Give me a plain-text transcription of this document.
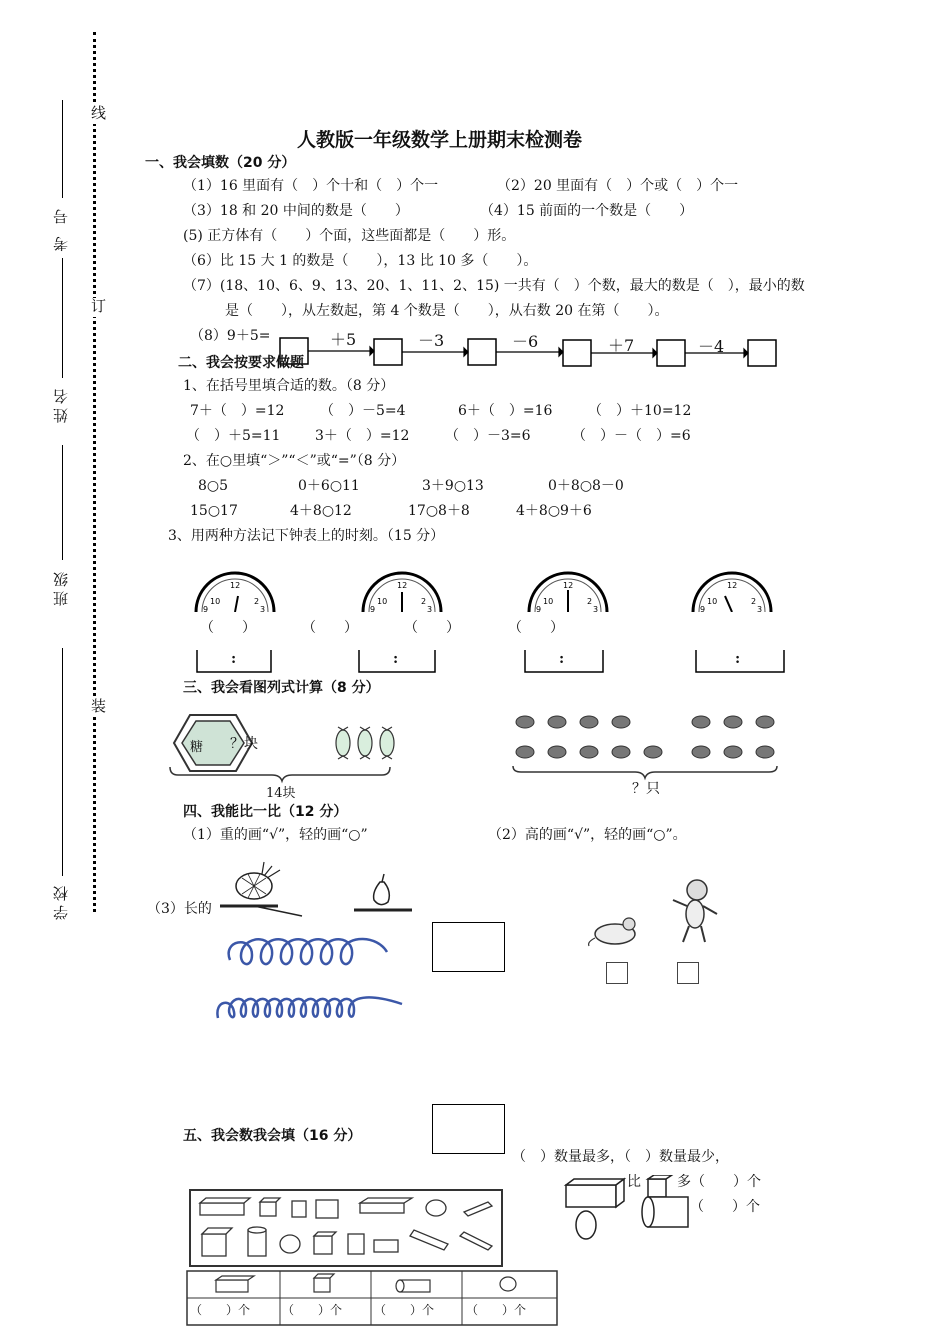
线
订
装
考 号
姓名
班级
学校
人教版一年级数学上册期末检测卷
一、我会填数（20 分）
（1）16 里面有（　）个十和（　）个一	（2）20 里面有（　）个或（　）个一
（3）18 和 20 中间的数是（　　）	（4）15 前面的一个数是（　　）
(5) 正方体有（　　）个面，这些面都是（　　）形。
（6）比 15 大 1 的数是（　　），13 比 10 多（　　）。
（7）(18、10、6、9、13、20、1、11、2、15) 一共有（　）个数，最大的数是（　），最小的数
是（　　），从左数起，第 4 个数是（　　），从右数 20 在第（　　）。
（8）9＋5=	＋5	－3	－6	＋7	－4
二、我会按要求做题
1、在括号里填合适的数。（8 分）
7＋（　）=12	（　）－5=4	6＋（　）=16	（　）＋10=12
（　）＋5=11 3＋（　）=12	（　）－3=6	（　）－（　）=6
2、在○里填“＞”“＜”或“=”（8 分）
8○5	0＋6○11	3＋9○13	0＋8○8－0
15○17	4＋8○12	17○8＋8	4＋8○9＋6
3、用两种方法记下钟表上的时刻。（15 分）
12
2
10
9	3
12
2
10
9	3
12
2
10
9	3
12
2
10
9	3
（　　）	（　　）	（　　）	（　　）
:	:	:	:
三、我会看图列式计算（8 分）
糖 ？块
14块	？只
四、我能比一比（12 分）
（1）重的画“√”，轻的画“○”	（2）高的画“√”，轻的画“○”。
（3）长的
五、我会数我会填（16 分）
（　）数量最多，（　）数量最少，
比	多（　　）个
（　　）个
（　　）个	（　　）个	（　　）个	（　　）个
